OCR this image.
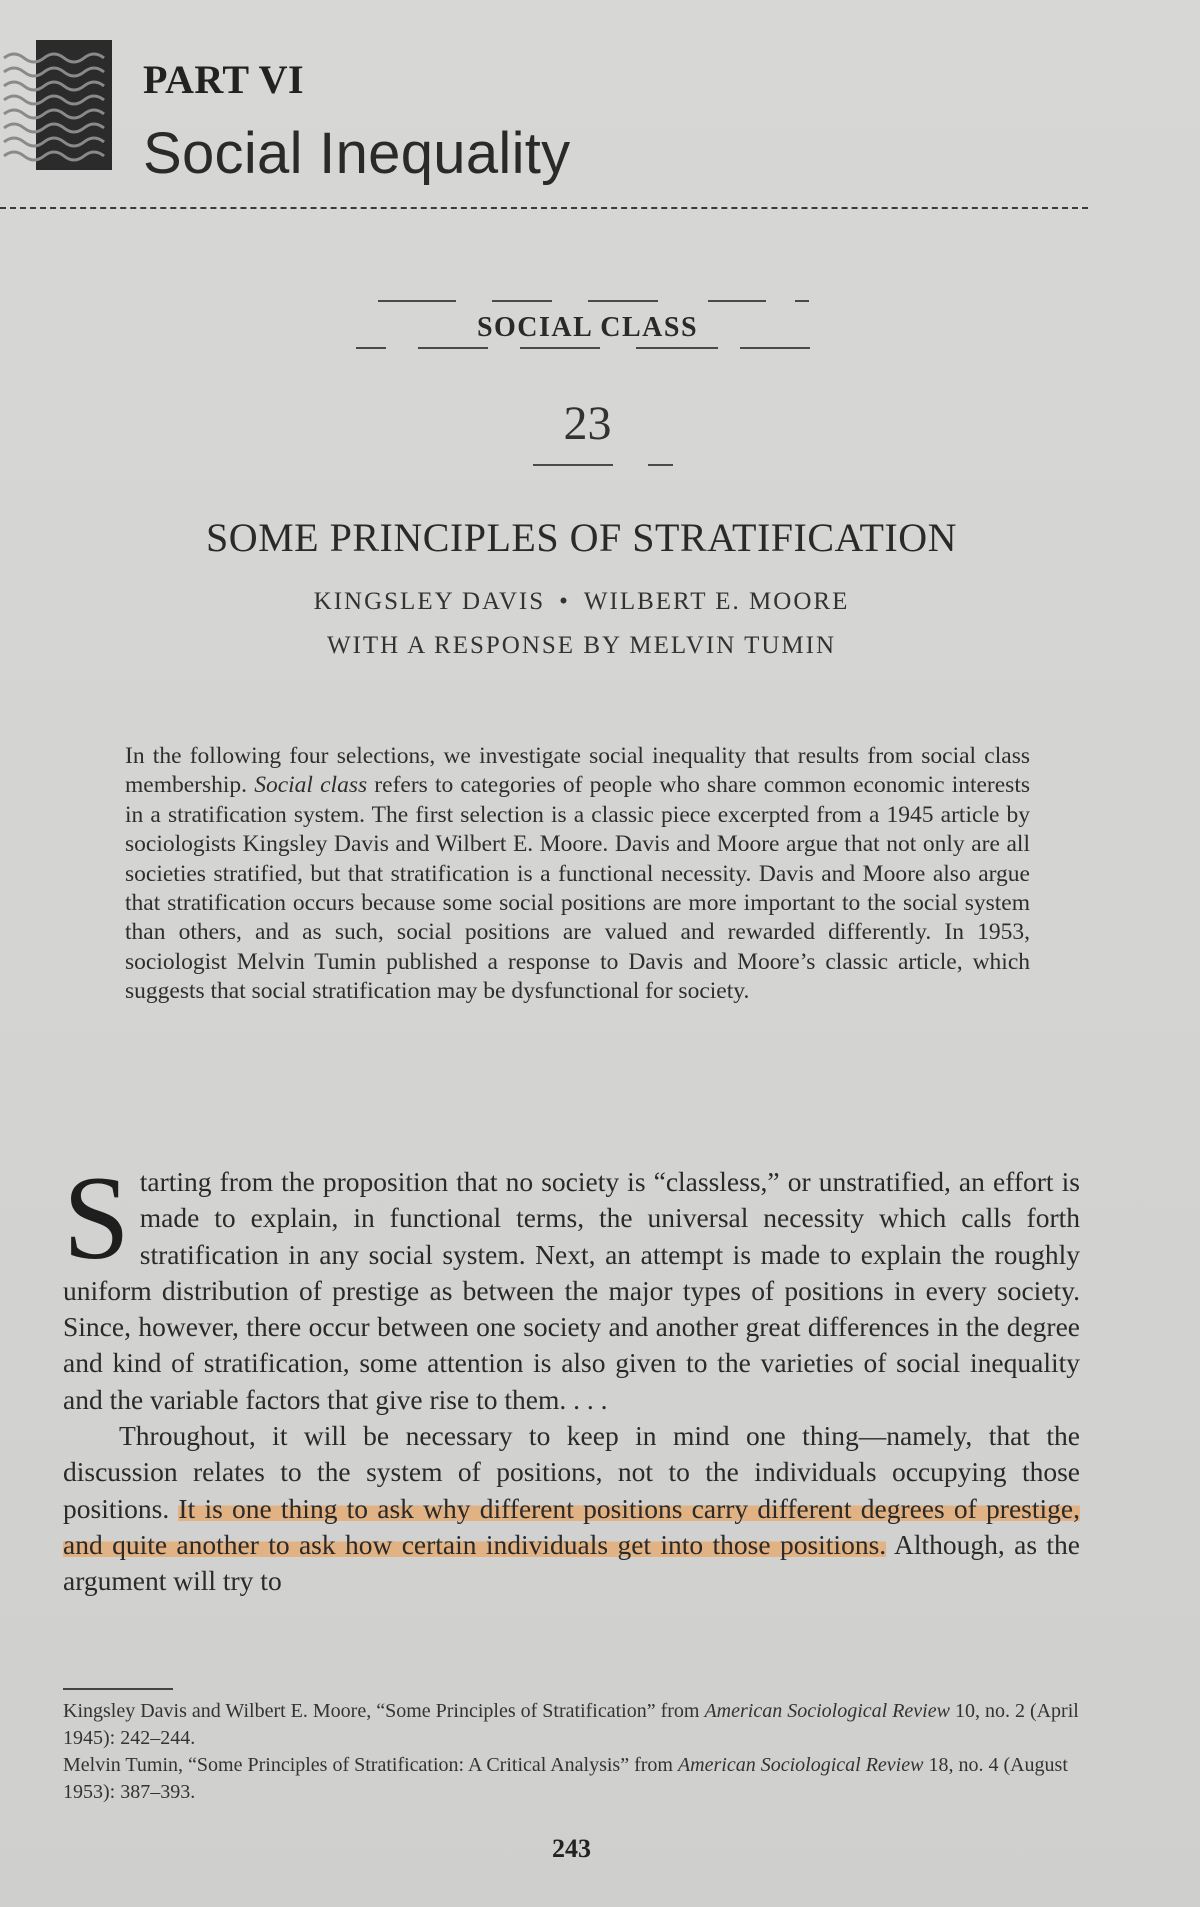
PART VI
Social Inequality
SOCIAL CLASS
23
SOME PRINCIPLES OF STRATIFICATION
KINGSLEY DAVIS • WILBERT E. MOORE
WITH A RESPONSE BY MELVIN TUMIN

In the following four selections, we investigate social inequality that results from social class membership. Social class refers to categories of people who share common economic interests in a stratification system. The first selection is a classic piece excerpted from a 1945 article by sociologists Kingsley Davis and Wilbert E. Moore. Davis and Moore argue that not only are all societies stratified, but that stratification is a functional necessity. Davis and Moore also argue that stratification occurs because some social positions are more important to the social system than others, and as such, social positions are valued and rewarded differently. In 1953, sociologist Melvin Tumin published a response to Davis and Moore’s classic article, which suggests that social stratification may be dysfunctional for society.

Starting from the proposition that no society is “classless,” or unstratified, an effort is made to explain, in functional terms, the universal necessity which calls forth stratification in any social system. Next, an attempt is made to explain the roughly uniform distribution of prestige as between the major types of positions in every society. Since, however, there occur between one society and another great differences in the degree and kind of stratification, some attention is also given to the varieties of social inequality and the variable factors that give rise to them. . . .

Throughout, it will be necessary to keep in mind one thing—namely, that the discussion relates to the system of positions, not to the individuals occupying those positions. It is one thing to ask why different positions carry different degrees of prestige, and quite another to ask how certain individuals get into those positions. Although, as the argument will try to

Kingsley Davis and Wilbert E. Moore, “Some Principles of Stratification” from American Sociological Review 10, no. 2 (April 1945): 242–244.

Melvin Tumin, “Some Principles of Stratification: A Critical Analysis” from American Sociological Review 18, no. 4 (August 1953): 387–393.

243
